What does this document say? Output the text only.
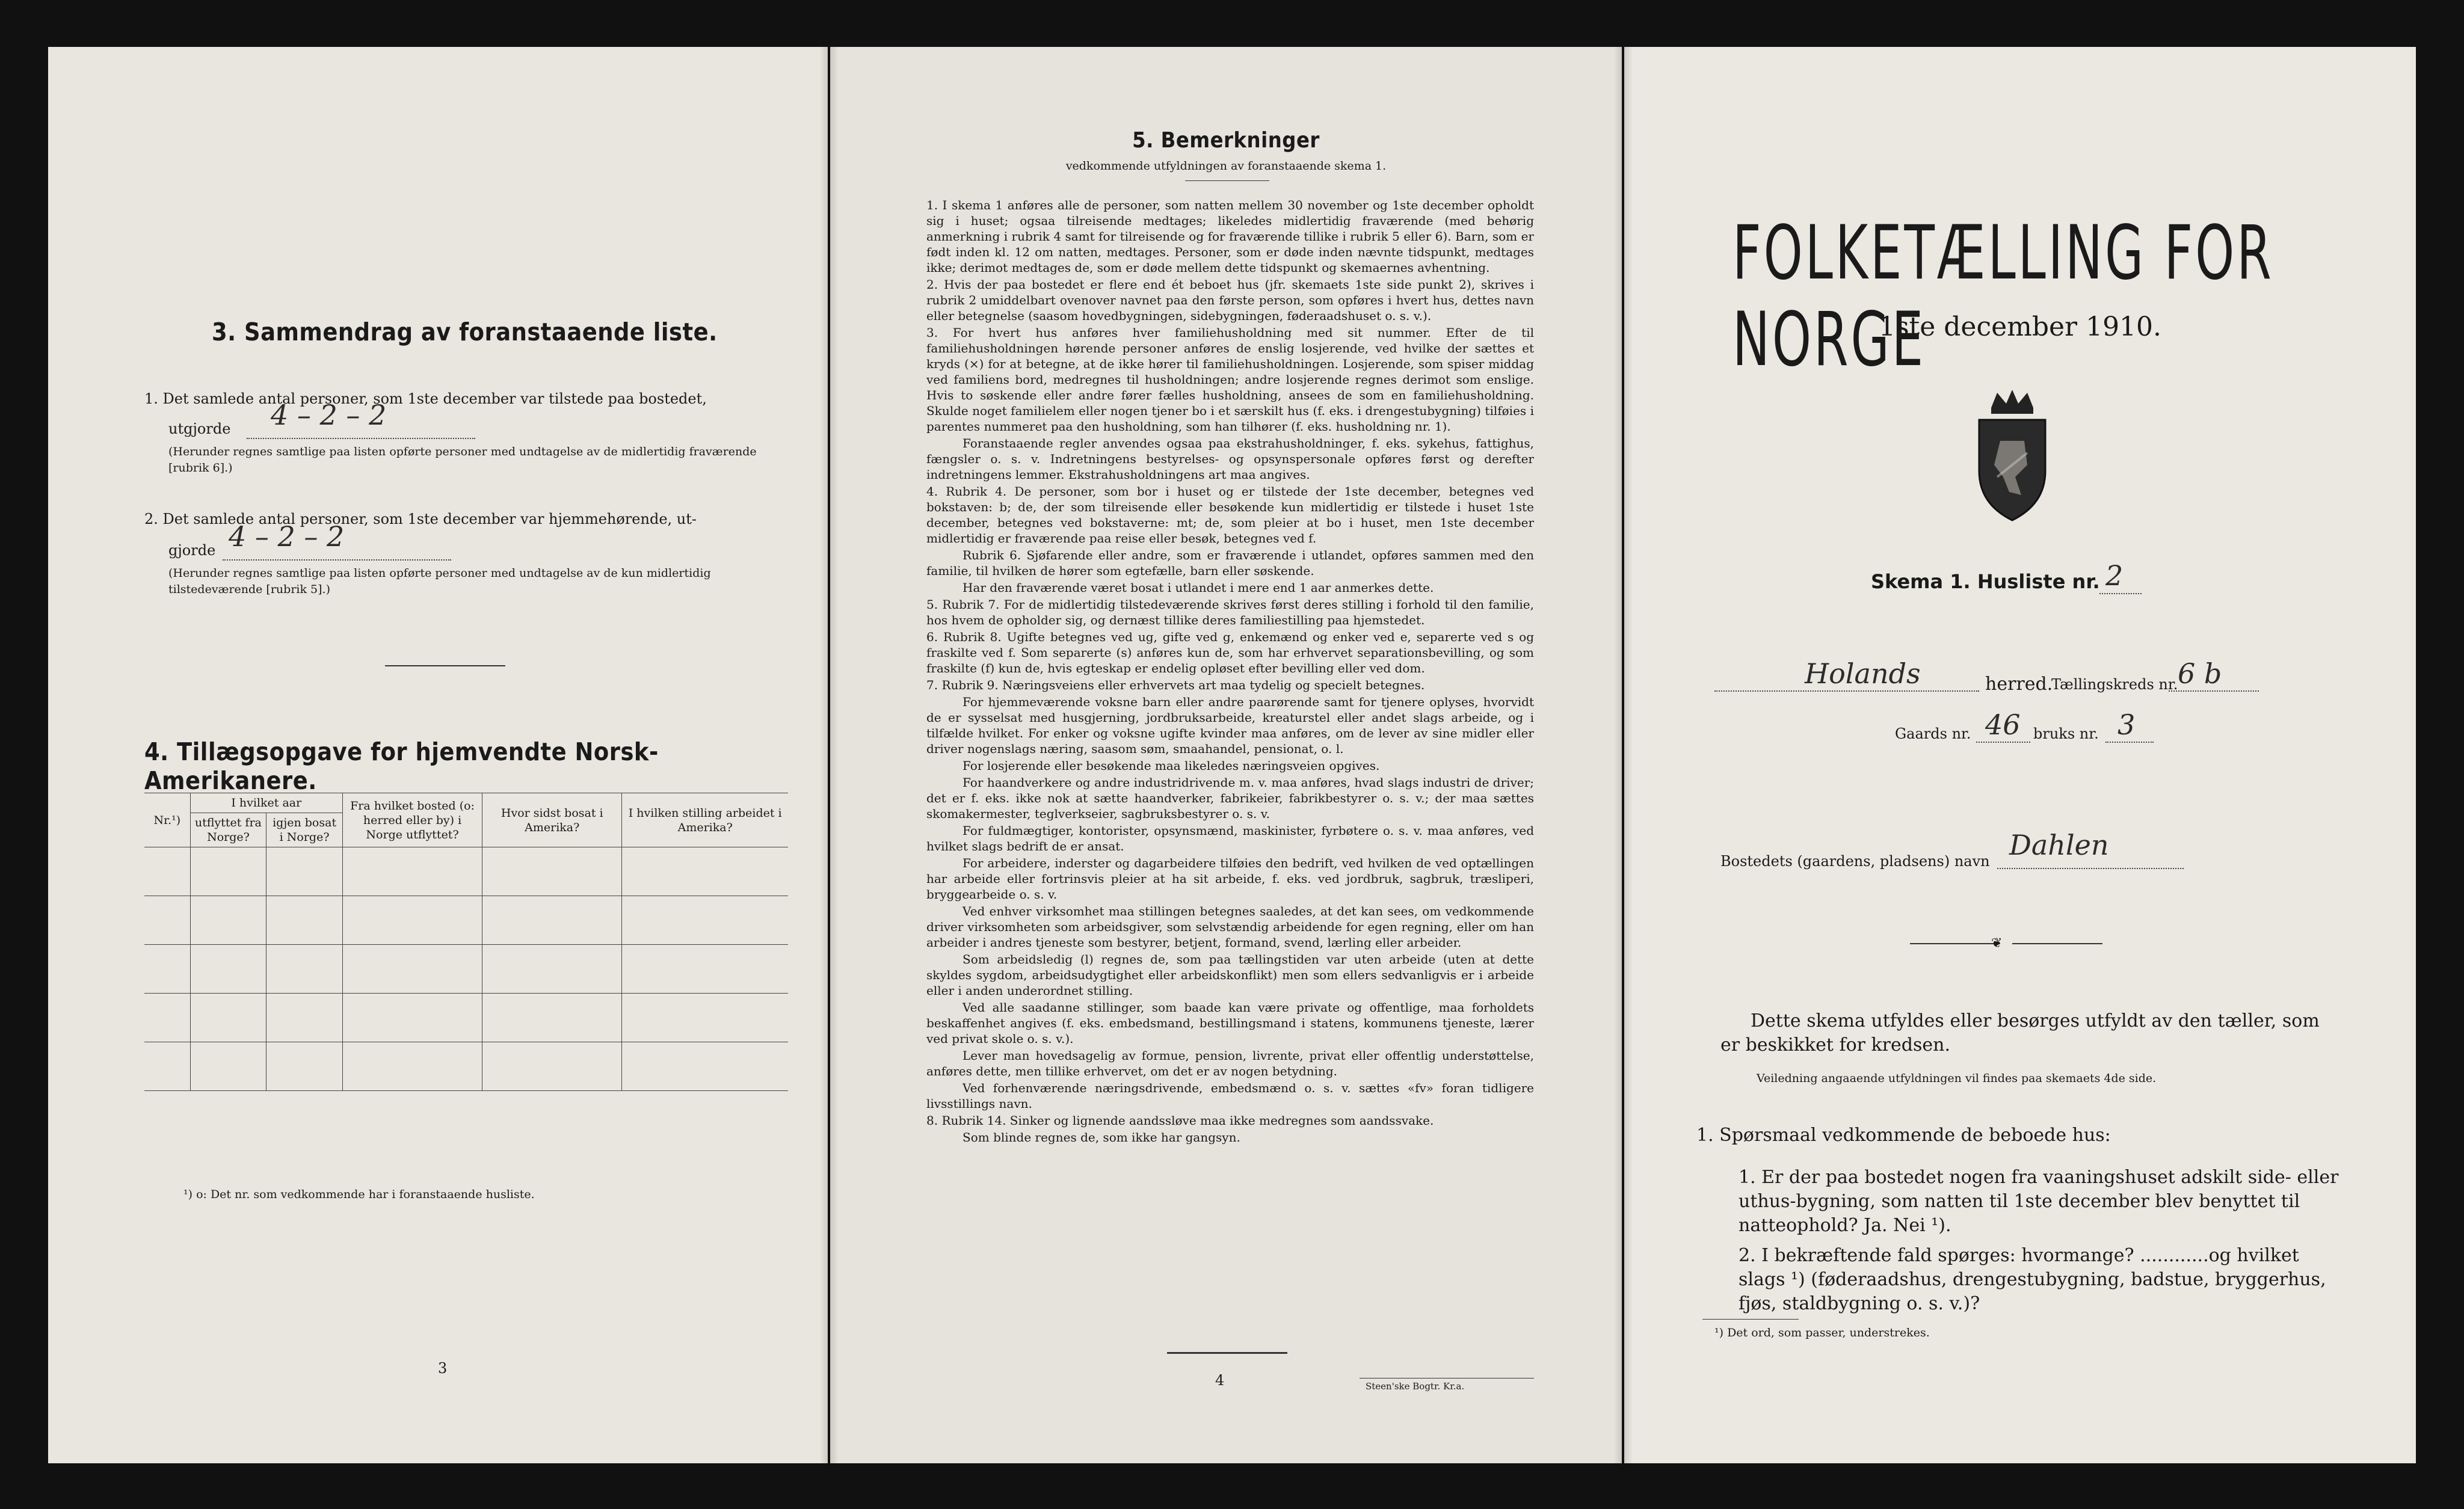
3. Sammendrag av foranstaaende liste.
1. Det samlede antal personer, som 1ste december var tilstede paa bostedet,
utgjorde 4 – 2 – 2
(Herunder regnes samtlige paa listen opførte personer med undtagelse av de midlertidig fraværende [rubrik 6].)
2. Det samlede antal personer, som 1ste december var hjemmehørende, ut-
gjorde 4 – 2 – 2
(Herunder regnes samtlige paa listen opførte personer med undtagelse av de kun midlertidig tilstedeværende [rubrik 5].)
4. Tillægsopgave for hjemvendte Norsk-Amerikanere.
Nr.¹)	I hvilket aar		Fra hvilket bosted (o: herred eller by) i Norge utflyttet?	Hvor sidst bosat i Amerika?	I hvilken stilling arbeidet i Amerika?
	utflyttet fra Norge?	igjen bosat i Norge?			

¹) o: Det nr. som vedkommende har i foranstaaende husliste.
3
5. Bemerkninger
vedkommende utfyldningen av foranstaaende skema 1.

1. I skema 1 anføres alle de personer, som natten mellem 30 november og 1ste december opholdt sig i huset; ogsaa tilreisende medtages; likeledes midlertidig fraværende (med behørig anmerkning i rubrik 4 samt for tilreisende og for fraværende tillike i rubrik 5 eller 6). Barn, som er født inden kl. 12 om natten, medtages. Personer, som er døde inden nævnte tidspunkt, medtages ikke; derimot medtages de, som er døde mellem dette tidspunkt og skemaernes avhentning.

2. Hvis der paa bostedet er flere end ét beboet hus (jfr. skemaets 1ste side punkt 2), skrives i rubrik 2 umiddelbart ovenover navnet paa den første person, som opføres i hvert hus, dettes navn eller betegnelse (saasom hovedbygningen, sidebygningen, føderaadshuset o. s. v.).

3. For hvert hus anføres hver familiehusholdning med sit nummer. Efter de til familiehusholdningen hørende personer anføres de enslig losjerende, ved hvilke der sættes et kryds (×) for at betegne, at de ikke hører til familiehusholdningen. Losjerende, som spiser middag ved familiens bord, medregnes til husholdningen; andre losjerende regnes derimot som enslige. Hvis to søskende eller andre fører fælles husholdning, ansees de som en familiehusholdning. Skulde noget familielem eller nogen tjener bo i et særskilt hus (f. eks. i drengestubygning) tilføies i parentes nummeret paa den husholdning, som han tilhører (f. eks. husholdning nr. 1).

Foranstaaende regler anvendes ogsaa paa ekstrahusholdninger, f. eks. sykehus, fattighus, fængsler o. s. v. Indretningens bestyrelses- og opsynspersonale opføres først og derefter indretningens lemmer. Ekstrahusholdningens art maa angives.

4. Rubrik 4. De personer, som bor i huset og er tilstede der 1ste december, betegnes ved bokstaven: b; de, der som tilreisende eller besøkende kun midlertidig er tilstede i huset 1ste december, betegnes ved bokstaverne: mt; de, som pleier at bo i huset, men 1ste december midlertidig er fraværende paa reise eller besøk, betegnes ved f.

Rubrik 6. Sjøfarende eller andre, som er fraværende i utlandet, opføres sammen med den familie, til hvilken de hører som egtefælle, barn eller søskende.

Har den fraværende været bosat i utlandet i mere end 1 aar anmerkes dette.

5. Rubrik 7. For de midlertidig tilstedeværende skrives først deres stilling i forhold til den familie, hos hvem de opholder sig, og dernæst tillike deres familiestilling paa hjemstedet.

6. Rubrik 8. Ugifte betegnes ved ug, gifte ved g, enkemænd og enker ved e, separerte ved s og fraskilte ved f. Som separerte (s) anføres kun de, som har erhvervet separationsbevilling, og som fraskilte (f) kun de, hvis egteskap er endelig opløset efter bevilling eller ved dom.

7. Rubrik 9. Næringsveiens eller erhvervets art maa tydelig og specielt betegnes.

For hjemmeværende voksne barn eller andre paarørende samt for tjenere oplyses, hvorvidt de er sysselsat med husgjerning, jordbruksarbeide, kreaturstel eller andet slags arbeide, og i tilfælde hvilket. For enker og voksne ugifte kvinder maa anføres, om de lever av sine midler eller driver nogenslags næring, saasom søm, smaahandel, pensionat, o. l.

For losjerende eller besøkende maa likeledes næringsveien opgives.

For haandverkere og andre industridrivende m. v. maa anføres, hvad slags industri de driver; det er f. eks. ikke nok at sætte haandverker, fabrikeier, fabrikbestyrer o. s. v.; der maa sættes skomakermester, teglverkseier, sagbruksbestyrer o. s. v.

For fuldmægtiger, kontorister, opsynsmænd, maskinister, fyrbøtere o. s. v. maa anføres, ved hvilket slags bedrift de er ansat.

For arbeidere, inderster og dagarbeidere tilføies den bedrift, ved hvilken de ved optællingen har arbeide eller fortrinsvis pleier at ha sit arbeide, f. eks. ved jordbruk, sagbruk, træsliperi, bryggearbeide o. s. v.

Ved enhver virksomhet maa stillingen betegnes saaledes, at det kan sees, om vedkommende driver virksomheten som arbeidsgiver, som selvstændig arbeidende for egen regning, eller om han arbeider i andres tjeneste som bestyrer, betjent, formand, svend, lærling eller arbeider.

Som arbeidsledig (l) regnes de, som paa tællingstiden var uten arbeide (uten at dette skyldes sygdom, arbeidsudygtighet eller arbeidskonflikt) men som ellers sedvanligvis er i arbeide eller i anden underordnet stilling.

Ved alle saadanne stillinger, som baade kan være private og offentlige, maa forholdets beskaffenhet angives (f. eks. embedsmand, bestillingsmand i statens, kommunens tjeneste, lærer ved privat skole o. s. v.).

Lever man hovedsagelig av formue, pension, livrente, privat eller offentlig understøttelse, anføres dette, men tillike erhvervet, om det er av nogen betydning.

Ved forhenværende næringsdrivende, embedsmænd o. s. v. sættes «fv» foran tidligere livsstillings navn.

8. Rubrik 14. Sinker og lignende aandssløve maa ikke medregnes som aandssvake.

Som blinde regnes de, som ikke har gangsyn.

4	Steen'ske Bogtr. Kr.a.
FOLKETÆLLING FOR NORGE
1ste december 1910.
Skema 1. Husliste nr. 2
Holands	herred.
Tællingskreds nr. 6 b
Gaards nr. 46 bruks nr. 3
Bostedets (gaardens, pladsens) navn Dahlen
❦
Dette skema utfyldes eller besørges utfyldt av den tæller, som er beskikket for kredsen.
Veiledning angaaende utfyldningen vil findes paa skemaets 4de side.
1. Spørsmaal vedkommende de beboede hus:
1. Er der paa bostedet nogen fra vaaningshuset adskilt side- eller uthus-bygning, som natten til 1ste december blev benyttet til natteophold? Ja. Nei ¹).
2. I bekræftende fald spørges: hvormange? ............og hvilket slags ¹) (føderaadshus, drengestubygning, badstue, bryggerhus, fjøs, staldbygning o. s. v.)?
¹) Det ord, som passer, understrekes.
